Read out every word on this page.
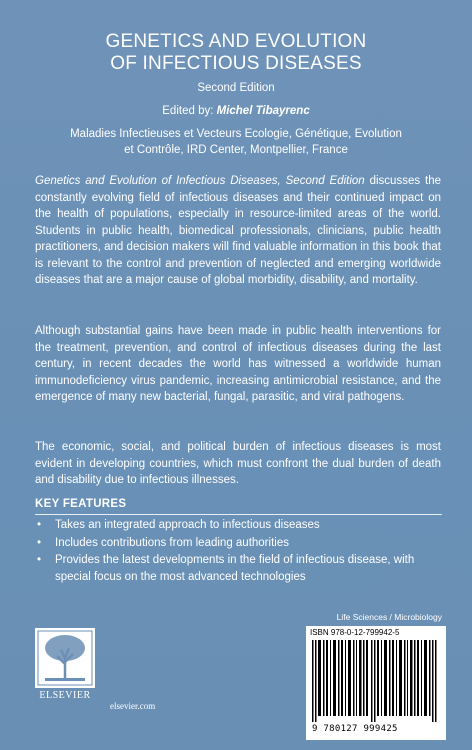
GENETICS AND EVOLUTION
OF INFECTIOUS DISEASES
Second Edition
Edited by: Michel Tibayrenc
Maladies Infectieuses et Vecteurs Ecologie, Génétique, Evolution
et Contrôle, IRD Center, Montpellier, France
Genetics and Evolution of Infectious Diseases, Second Edition discusses the constantly evolving field of infectious diseases and their continued impact on the health of populations, especially in resource-limited areas of the world. Students in public health, biomedical professionals, clinicians, public health practitioners, and decision makers will find valuable information in this book that is relevant to the control and prevention of neglected and emerging worldwide diseases that are a major cause of global morbidity, disability, and mortality.
Although substantial gains have been made in public health interventions for the treatment, prevention, and control of infectious diseases during the last century, in recent decades the world has witnessed a worldwide human immunodeficiency virus pandemic, increasing antimicrobial resistance, and the emergence of many new bacterial, fungal, parasitic, and viral pathogens.
The economic, social, and political burden of infectious diseases is most evident in developing countries, which must confront the dual burden of death and disability due to infectious illnesses.
KEY FEATURES
• Takes an integrated approach to infectious diseases
• Includes contributions from leading authorities
• Provides the latest developments in the field of infectious disease, with special focus on the most advanced technologies
Life Sciences / Microbiology
ISBN 978-0-12-799942-5
9 780127 999425
ELSEVIER
elsevier.com
